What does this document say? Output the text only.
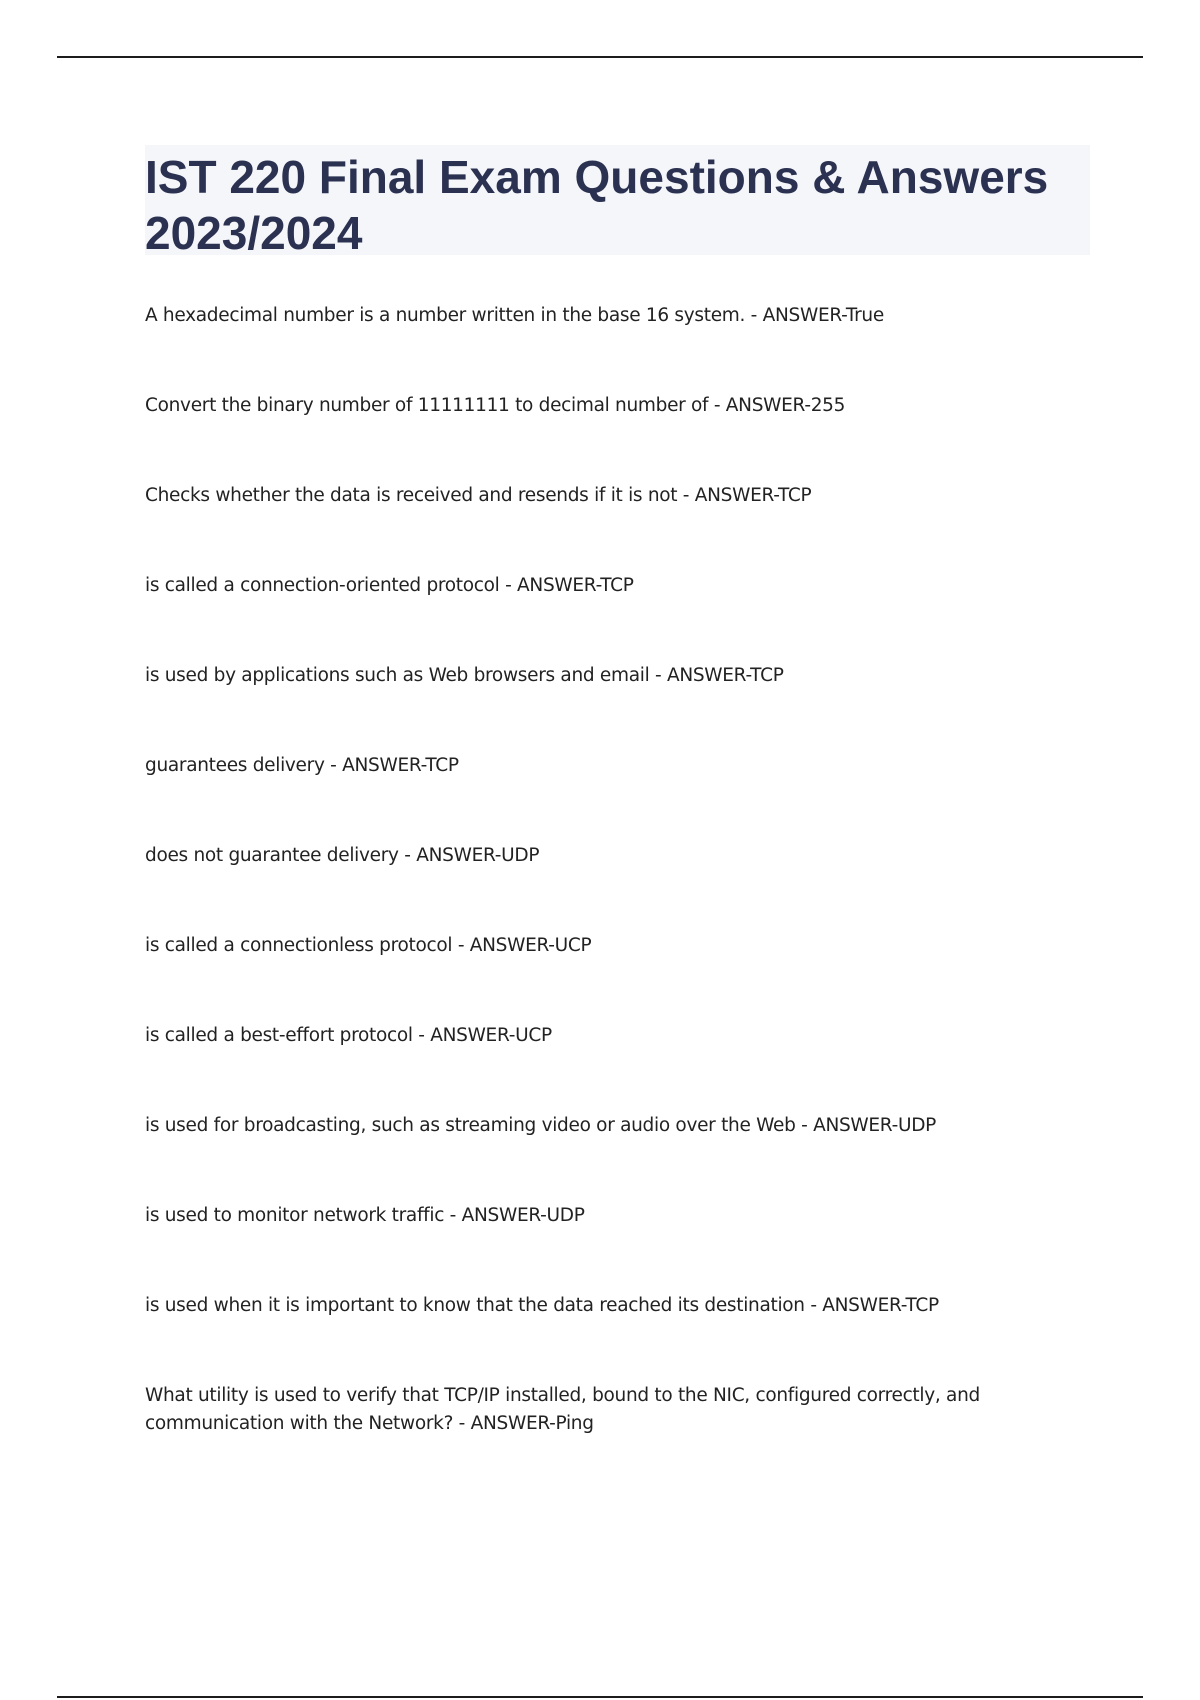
IST 220 Final Exam Questions & Answers 2023/2024
A hexadecimal number is a number written in the base 16 system. - ANSWER-True
Convert the binary number of 11111111 to decimal number of - ANSWER-255
Checks whether the data is received and resends if it is not - ANSWER-TCP
is called a connection-oriented protocol - ANSWER-TCP
is used by applications such as Web browsers and email - ANSWER-TCP
guarantees delivery - ANSWER-TCP
does not guarantee delivery - ANSWER-UDP
is called a connectionless protocol - ANSWER-UCP
is called a best-effort protocol - ANSWER-UCP
is used for broadcasting, such as streaming video or audio over the Web - ANSWER-UDP
is used to monitor network traffic - ANSWER-UDP
is used when it is important to know that the data reached its destination - ANSWER-TCP
What utility is used to verify that TCP/IP installed, bound to the NIC, configured correctly, and communication with the Network? - ANSWER-Ping
